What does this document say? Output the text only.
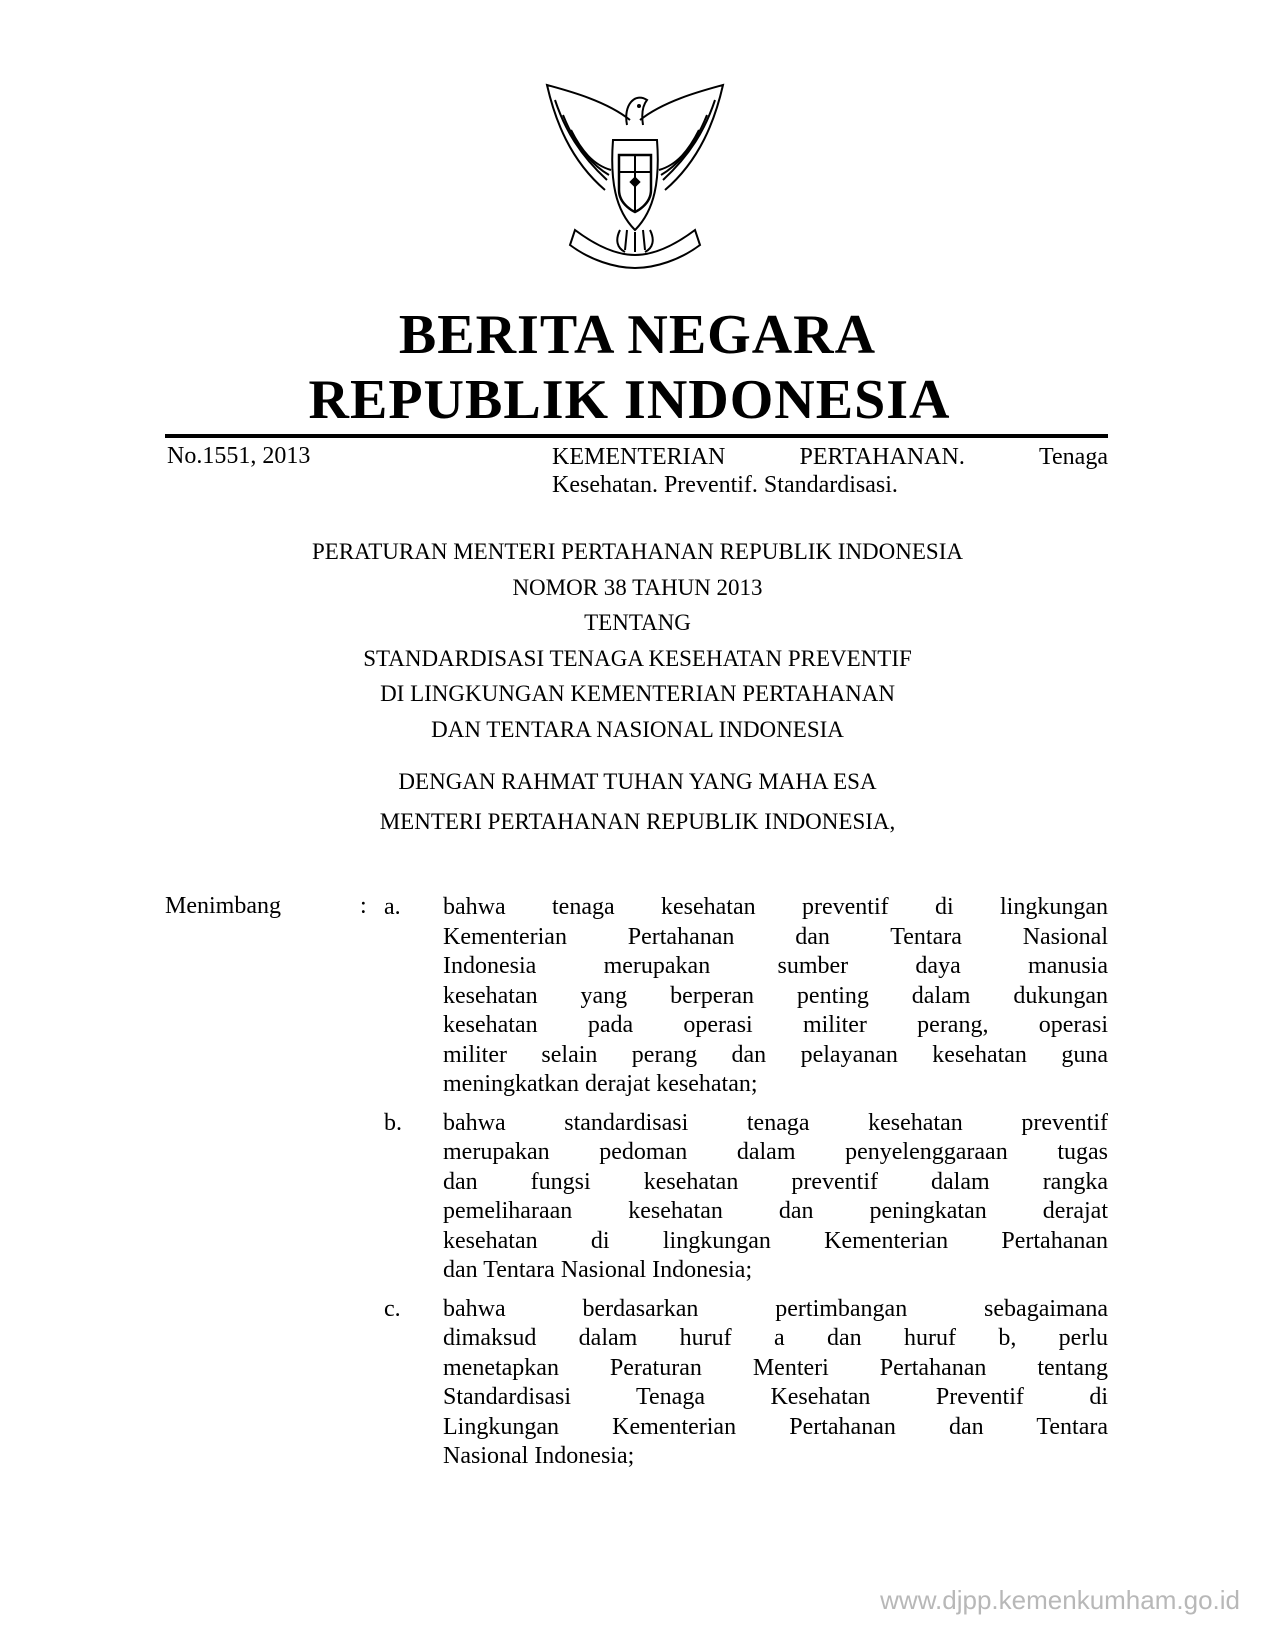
BERITA NEGARA
REPUBLIK INDONESIA
No.1551, 2013	KEMENTERIAN	PERTAHANAN.	Tenaga
Kesehatan. Preventif. Standardisasi.
PERATURAN MENTERI PERTAHANAN REPUBLIK INDONESIA
NOMOR 38 TAHUN 2013
TENTANG
STANDARDISASI TENAGA KESEHATAN PREVENTIF
DI LINGKUNGAN KEMENTERIAN PERTAHANAN
DAN TENTARA NASIONAL INDONESIA
DENGAN RAHMAT TUHAN YANG MAHA ESA
MENTERI PERTAHANAN REPUBLIK INDONESIA,
Menimbang	: a.	bahwa tenaga kesehatan preventif di lingkungan
Kementerian Pertahanan dan Tentara Nasional
Indonesia merupakan sumber daya manusia
kesehatan yang berperan penting dalam dukungan
kesehatan pada operasi militer perang, operasi
militer selain perang dan pelayanan kesehatan guna
meningkatkan derajat kesehatan;
b.	bahwa standardisasi tenaga kesehatan preventif
merupakan pedoman dalam penyelenggaraan tugas
dan fungsi kesehatan preventif dalam rangka
pemeliharaan kesehatan dan peningkatan derajat
kesehatan di lingkungan Kementerian Pertahanan
dan Tentara Nasional Indonesia;
c.	bahwa berdasarkan pertimbangan sebagaimana
dimaksud dalam huruf a dan huruf b, perlu
menetapkan Peraturan Menteri Pertahanan tentang
Standardisasi Tenaga Kesehatan Preventif di
Lingkungan Kementerian Pertahanan dan Tentara
Nasional Indonesia;
www.djpp.kemenkumham.go.id
